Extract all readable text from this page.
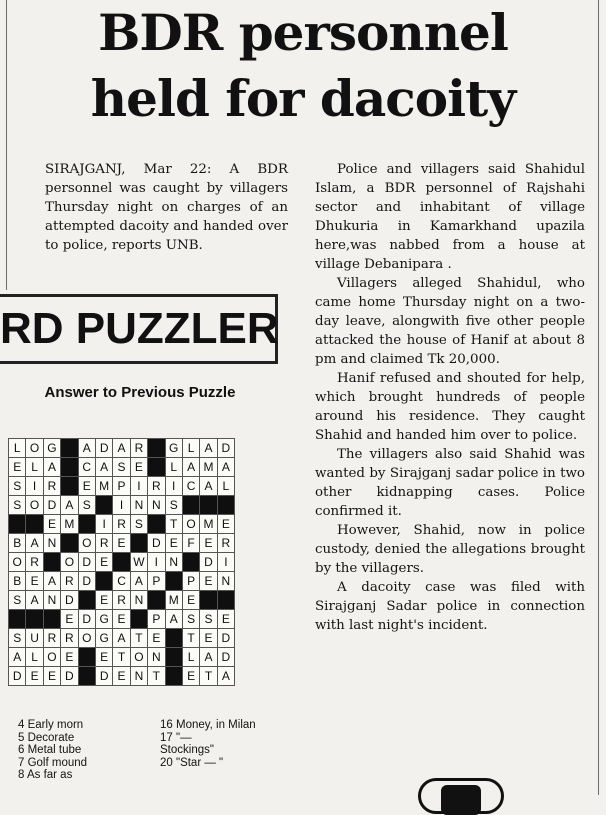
BDR personnel
held for dacoity

SIRAJGANJ, Mar 22: A BDR personnel was caught by villagers Thursday night on charges of an attempted dacoity and handed over to police, reports UNB.

Police and villagers said Shahidul Islam, a BDR personnel of Rajshahi sector and inhabitant of village Dhukuria in Kamarkhand upazila here,was nabbed from a house at village Debanipara .

Villagers alleged Shahidul, who came home Thursday night on a two-day leave, alongwith five other people attacked the house of Hanif at about 8 pm and claimed Tk 20,000.

Hanif refused and shouted for help, which brought hundreds of people around his residence. They caught Shahid and handed him over to police.

The villagers also said Shahid was wanted by Sirajganj sadar police in two other kidnapping cases. Police confirmed it.

However, Shahid, now in police custody, denied the allegations brought by the villagers.

A dacoity case was filed with Sirajganj Sadar police in connection with last night's incident.

RD PUZZLER
Answer to Previous Puzzle
L	O	G		A	D	A	R		G	L	A	D
E	L	A		C	A	S	E		L	A	M	A
S	I	R		E	M	P	I	R	I	C	A	L
S	O	D	A	S		I	N	N	S			
		E	M		I	R	S		T	O	M	E
B	A	N		O	R	E		D	E	F	E	R
O	R		O	D	E		W	I	N		D	I
B	E	A	R	D		C	A	P		P	E	N
S	A	N	D		E	R	N		M	E		
			E	D	G	E		P	A	S	S	E
S	U	R	R	O	G	A	T	E		T	E	D
A	L	O	E		E	T	O	N		L	A	D
D	E	E	D		D	E	N	T		E	T	A
4 Early morn
5 Decorate
6 Metal tube
7 Golf mound
8 As far as
16 Money, in Milan
17 "—
Stockings"
20 "Star — "
